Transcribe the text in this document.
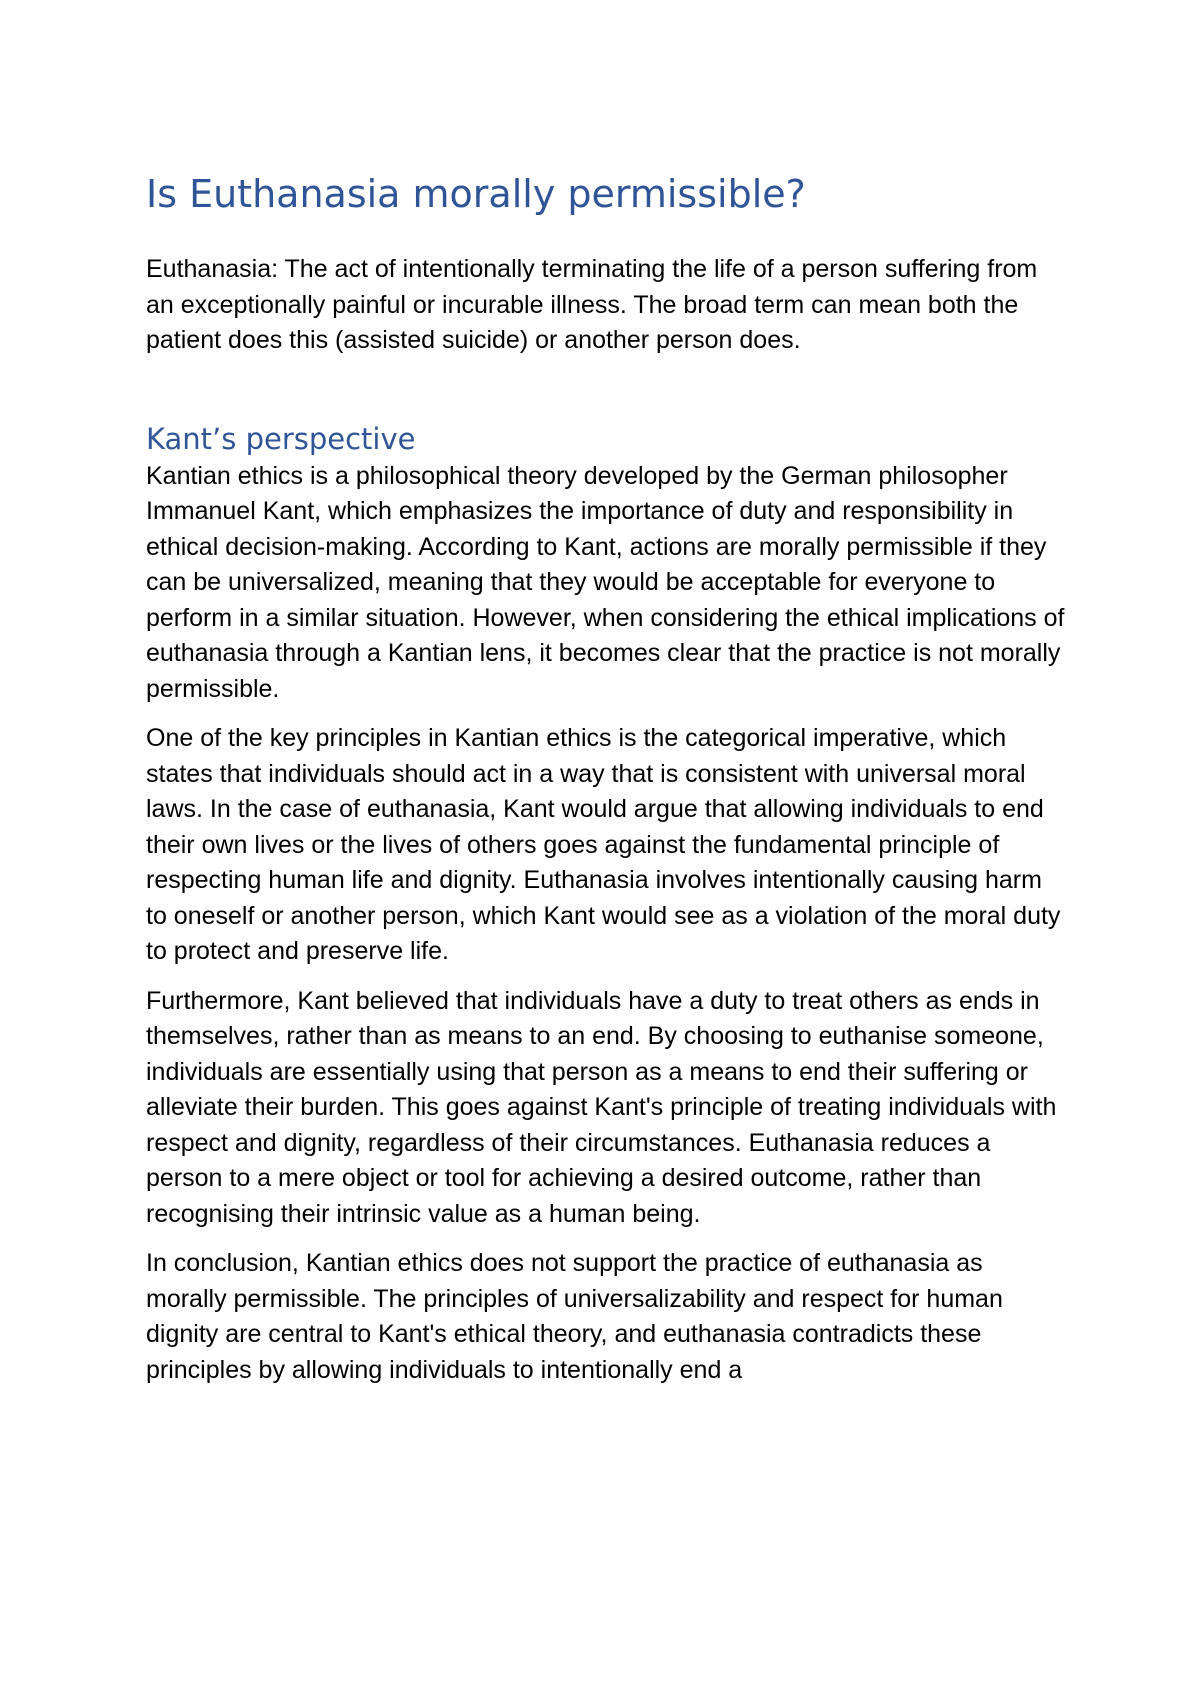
Is Euthanasia morally permissible?

Euthanasia: The act of intentionally terminating the life of a person suffering from an exceptionally painful or incurable illness. The broad term can mean both the patient does this (assisted suicide) or another person does.

Kant’s perspective

Kantian ethics is a philosophical theory developed by the German philosopher Immanuel Kant, which emphasizes the importance of duty and responsibility in ethical decision-making. According to Kant, actions are morally permissible if they can be universalized, meaning that they would be acceptable for everyone to perform in a similar situation. However, when considering the ethical implications of euthanasia through a Kantian lens, it becomes clear that the practice is not morally permissible.

One of the key principles in Kantian ethics is the categorical imperative, which states that individuals should act in a way that is consistent with universal moral laws. In the case of euthanasia, Kant would argue that allowing individuals to end their own lives or the lives of others goes against the fundamental principle of respecting human life and dignity. Euthanasia involves intentionally causing harm to oneself or another person, which Kant would see as a violation of the moral duty to protect and preserve life.

Furthermore, Kant believed that individuals have a duty to treat others as ends in themselves, rather than as means to an end. By choosing to euthanise someone, individuals are essentially using that person as a means to end their suffering or alleviate their burden. This goes against Kant's principle of treating individuals with respect and dignity, regardless of their circumstances. Euthanasia reduces a person to a mere object or tool for achieving a desired outcome, rather than recognising their intrinsic value as a human being.

In conclusion, Kantian ethics does not support the practice of euthanasia as morally permissible. The principles of universalizability and respect for human dignity are central to Kant's ethical theory, and euthanasia contradicts these principles by allowing individuals to intentionally end a
